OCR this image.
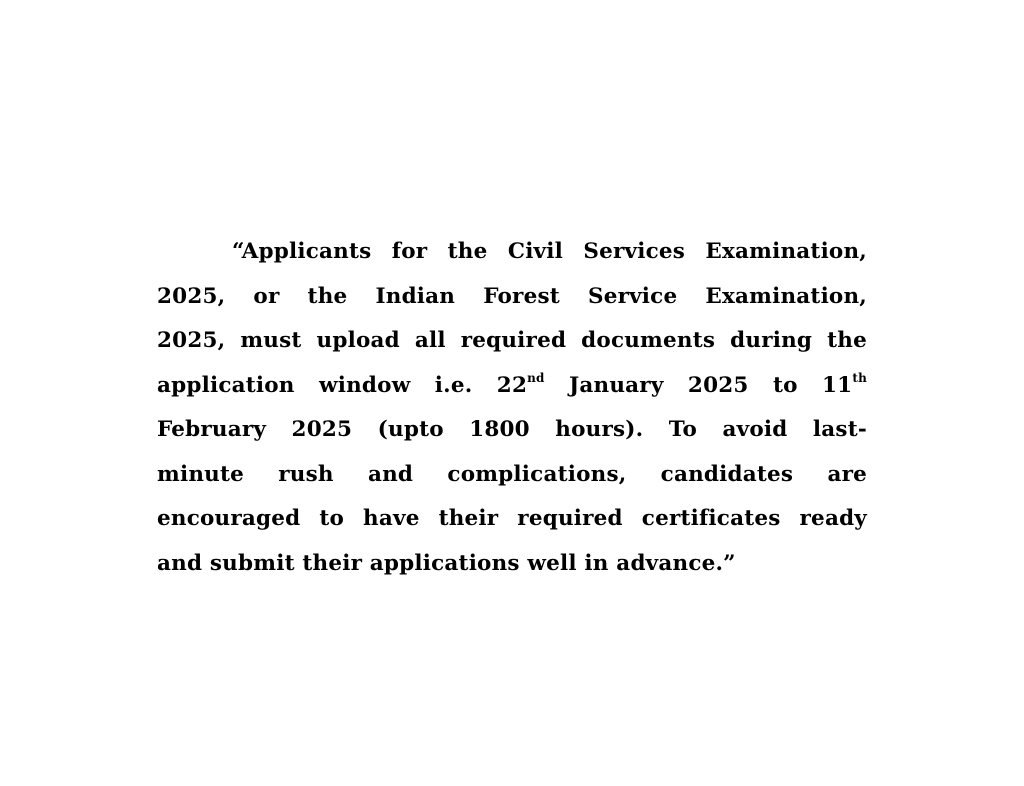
“Applicants for the Civil Services Examination,
2025, or the Indian Forest Service Examination,
2025, must upload all required documents during the
application window i.e. 22nd January 2025 to 11th
February 2025 (upto 1800 hours). To avoid last-
minute rush and complications, candidates are
encouraged to have their required certificates ready
and submit their applications well in advance.”
